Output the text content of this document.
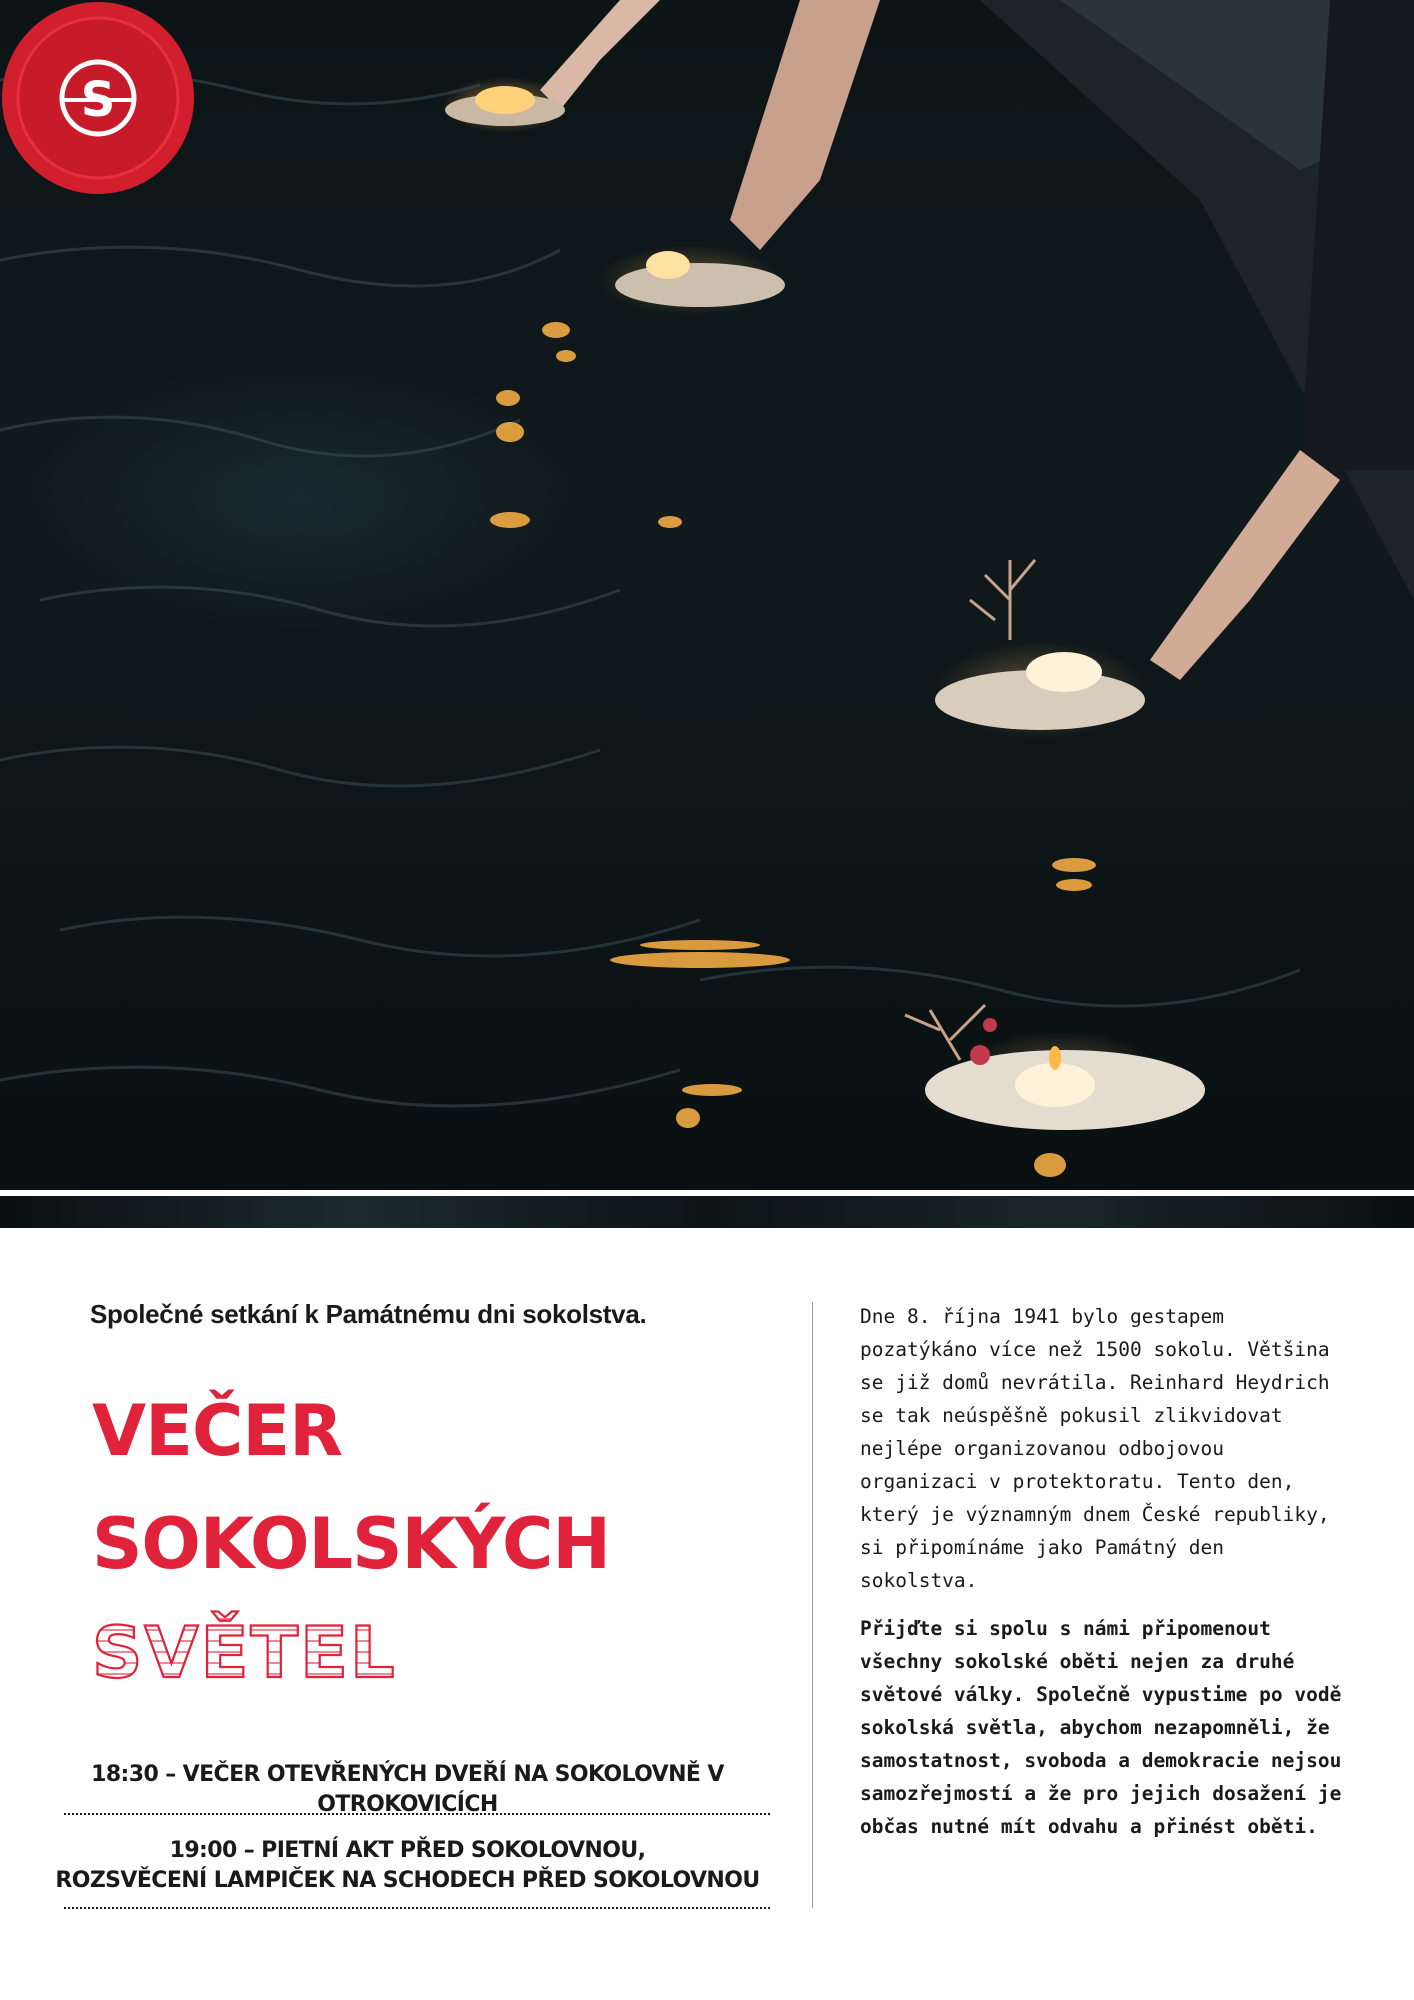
S
Společné setkání k Památnému dni sokolstva.
VEČER
SOKOLSKÝCH
SVĚTEL
18:30 – VEČER OTEVŘENÝCH DVEŘÍ NA SOKOLOVNĚ V OTROKOVICÍCH
19:00 – PIETNÍ AKT PŘED SOKOLOVNOU,
ROZSVĚCENÍ LAMPIČEK NA SCHODECH PŘED SOKOLOVNOU
Dne 8. října 1941 bylo gestapem pozatýkáno více než 1500 sokolu. Většina se již domů nevrátila. Reinhard Heydrich se tak neúspěšně pokusil zlikvidovat nejlépe organizovanou odbojovou organizaci v protektoratu. Tento den, který je významným dnem České republiky, si připomínáme jako Památný den sokolstva.
Přijďte si spolu s námi připomenout všechny sokolské oběti nejen za druhé světové války. Společně vypustime po vodě sokolská světla, abychom nezapomněli, že samostatnost, svoboda a demokracie nejsou samozřejmostí a že pro jejich dosažení je občas nutné mít odvahu a přinést oběti.
